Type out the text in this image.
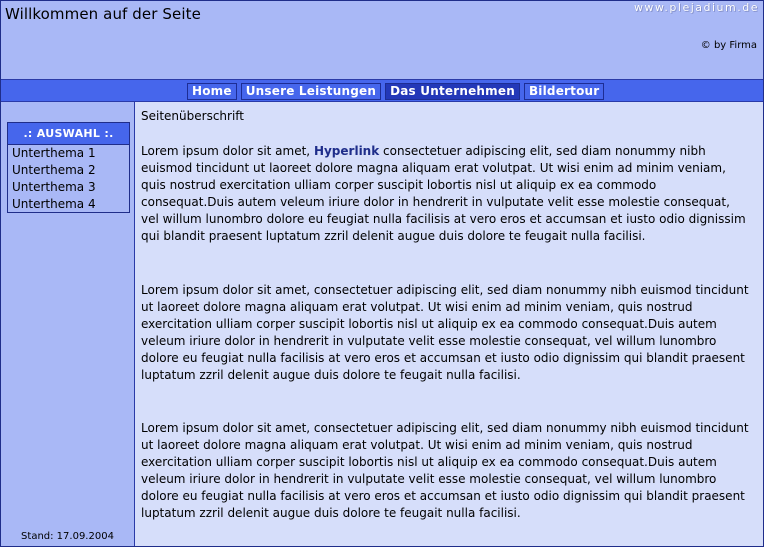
Willkommen auf der Seite	www.plejadium.de
© by Firma
Home	Unsere Leistungen	Das Unternehmen	Bildertour
.: AUSWAHL :.
Unterthema 1
Unterthema 2
Unterthema 3
Unterthema 4
Stand: 17.09.2004
Seitenüberschrift
Lorem ipsum dolor sit amet, Hyperlink consectetuer adipiscing elit, sed diam nonummy nibh euismod tincidunt ut laoreet dolore magna aliquam erat volutpat. Ut wisi enim ad minim veniam, quis nostrud exercitation ulliam corper suscipit lobortis nisl ut aliquip ex ea commodo consequat.Duis autem veleum iriure dolor in hendrerit in vulputate velit esse molestie consequat, vel willum lunombro dolore eu feugiat nulla facilisis at vero eros et accumsan et iusto odio dignissim qui blandit praesent luptatum zzril delenit augue duis dolore te feugait nulla facilisi.
Lorem ipsum dolor sit amet, consectetuer adipiscing elit, sed diam nonummy nibh euismod tincidunt ut laoreet dolore magna aliquam erat volutpat. Ut wisi enim ad minim veniam, quis nostrud exercitation ulliam corper suscipit lobortis nisl ut aliquip ex ea commodo consequat.Duis autem veleum iriure dolor in hendrerit in vulputate velit esse molestie consequat, vel willum lunombro dolore eu feugiat nulla facilisis at vero eros et accumsan et iusto odio dignissim qui blandit praesent luptatum zzril delenit augue duis dolore te feugait nulla facilisi.
Lorem ipsum dolor sit amet, consectetuer adipiscing elit, sed diam nonummy nibh euismod tincidunt ut laoreet dolore magna aliquam erat volutpat. Ut wisi enim ad minim veniam, quis nostrud exercitation ulliam corper suscipit lobortis nisl ut aliquip ex ea commodo consequat.Duis autem veleum iriure dolor in hendrerit in vulputate velit esse molestie consequat, vel willum lunombro dolore eu feugiat nulla facilisis at vero eros et accumsan et iusto odio dignissim qui blandit praesent luptatum zzril delenit augue duis dolore te feugait nulla facilisi.
